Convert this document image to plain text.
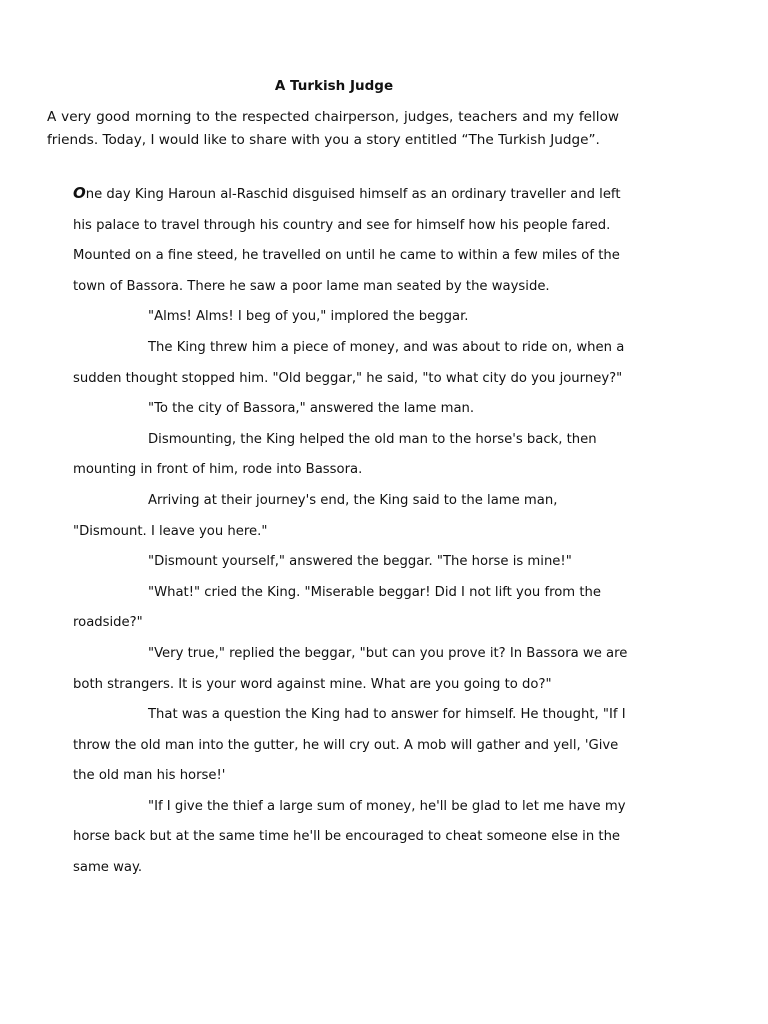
A Turkish Judge

A very good morning to the respected chairperson, judges, teachers and my fellow friends. Today, I would like to share with you a story entitled “The Turkish Judge”.

One day King Haroun al-Raschid disguised himself as an ordinary traveller and left his palace to travel through his country and see for himself how his people fared. Mounted on a fine steed, he travelled on until he came to within a few miles of the town of Bassora. There he saw a poor lame man seated by the wayside.

"Alms! Alms! I beg of you," implored the beggar.

The King threw him a piece of money, and was about to ride on, when a sudden thought stopped him. "Old beggar," he said, "to what city do you journey?"

"To the city of Bassora," answered the lame man.

Dismounting, the King helped the old man to the horse's back, then mounting in front of him, rode into Bassora.

Arriving at their journey's end, the King said to the lame man, "Dismount. I leave you here."

"Dismount yourself," answered the beggar. "The horse is mine!"

"What!" cried the King. "Miserable beggar! Did I not lift you from the roadside?"

"Very true," replied the beggar, "but can you prove it? In Bassora we are both strangers. It is your word against mine. What are you going to do?"

That was a question the King had to answer for himself. He thought, "If I throw the old man into the gutter, he will cry out. A mob will gather and yell, 'Give the old man his horse!'

"If I give the thief a large sum of money, he'll be glad to let me have my horse back but at the same time he'll be encouraged to cheat someone else in the same way.
